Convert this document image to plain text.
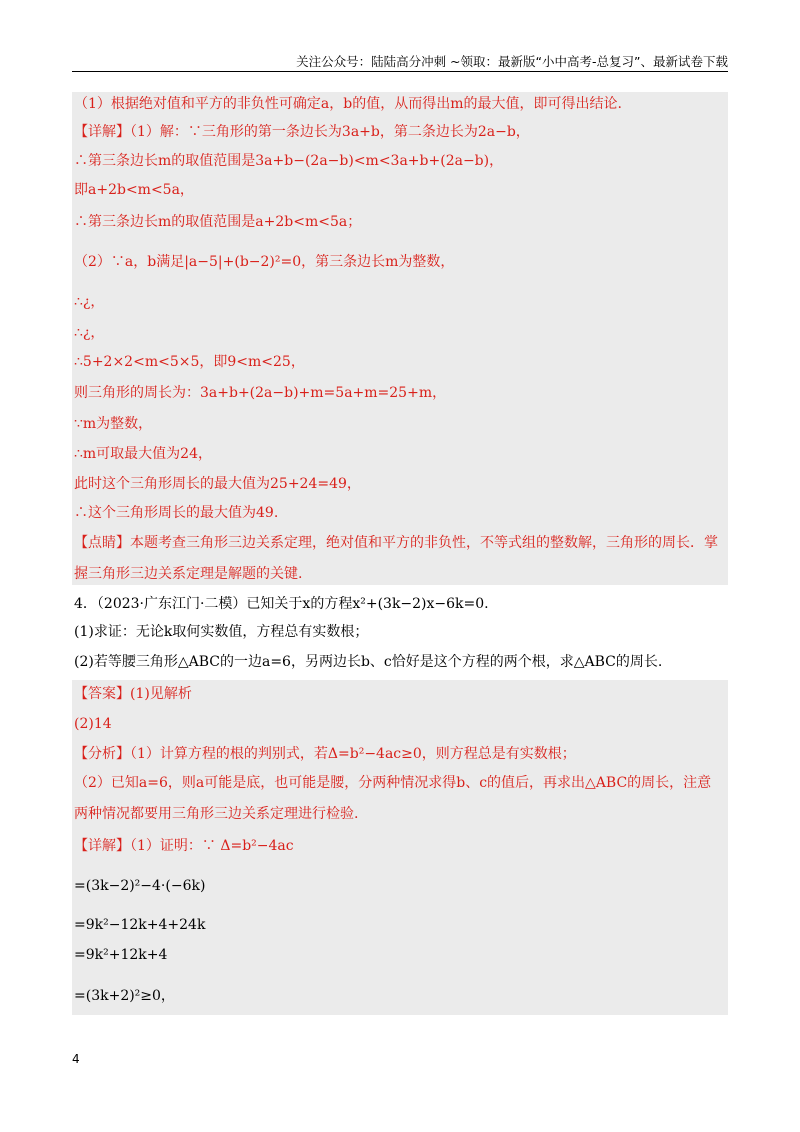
关注公众号：陆陆高分冲刺 ~领取：最新版“小中高考-总复习”、最新试卷下载
（1）根据绝对值和平方的非负性可确定a，b的值，从而得出m的最大值，即可得出结论.
【详解】（1）解：∵三角形的第一条边长为3a+b，第二条边长为2a−b，
∴第三条边长m的取值范围是3a+b−(2a−b)<m<3a+b+(2a−b)，
即a+2b<m<5a，
∴第三条边长m的取值范围是a+2b<m<5a；
（2）∵a，b满足|a−5|+(b−2)²=0，第三条边长m为整数，
∴¿，
∴¿，
∴5+2×2<m<5×5，即9<m<25，
则三角形的周长为：3a+b+(2a−b)+m=5a+m=25+m，
∵m为整数，
∴m可取最大值为24，
此时这个三角形周长的最大值为25+24=49，
∴这个三角形周长的最大值为49.
【点睛】本题考查三角形三边关系定理，绝对值和平方的非负性，不等式组的整数解，三角形的周长．掌
握三角形三边关系定理是解题的关键.
4．（2023·广东江门·二模）已知关于x的方程x²+(3k−2)x−6k=0.
(1)求证：无论k取何实数值，方程总有实数根；
(2)若等腰三角形△ABC的一边a=6，另两边长b、c恰好是这个方程的两个根，求△ABC的周长.
【答案】(1)见解析
(2)14
【分析】（1）计算方程的根的判别式，若Δ=b²−4ac≥0，则方程总是有实数根；
（2）已知a=6，则a可能是底，也可能是腰，分两种情况求得b、c的值后，再求出△ABC的周长，注意
两种情况都要用三角形三边关系定理进行检验.
【详解】（1）证明：∵ Δ=b²−4ac
=(3k−2)²−4·(−6k)
=9k²−12k+4+24k
=9k²+12k+4
=(3k+2)²≥0，
4
